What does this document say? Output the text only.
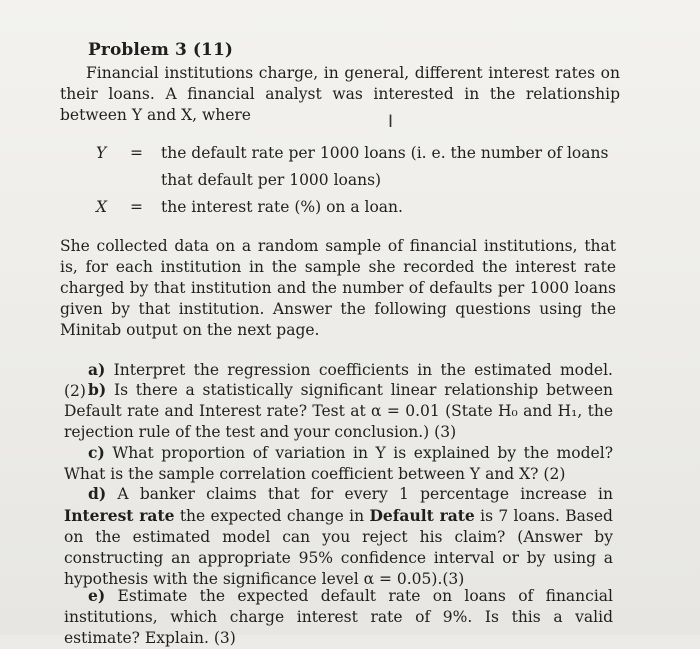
Problem 3 (11)

Financial institutions charge, in general, different interest rates on their loans. A financial analyst was interested in the relationship between Y and X, where	I
Y = the default rate per 1000 loans (i. e. the number of loans
that default per 1000 loans)
X = the interest rate (%) on a loan.

She collected data on a random sample of financial institutions, that is, for each institution in the sample she recorded the interest rate charged by that institution and the number of defaults per 1000 loans given by that institution. Answer the following questions using the Minitab output on the next page.

a) Interpret the regression coefficients in the estimated model. (2) b) Is there a statistically significant linear relationship between Default rate and Interest rate? Test at α = 0.01 (State H₀ and H₁, the rejection rule of the test and your conclusion.) (3)

c) What proportion of variation in Y is explained by the model? What is the sample correlation coefficient between Y and X? (2)

d) A banker claims that for every 1 percentage increase in Interest rate the expected change in Default rate is 7 loans. Based on the estimated model can you reject his claim? (Answer by constructing an appropriate 95% confidence interval or by using a hypothesis with the significance level α = 0.05).(3)

e) Estimate the expected default rate on loans of financial institutions, which charge interest rate of 9%. Is this a valid estimate? Explain. (3)
